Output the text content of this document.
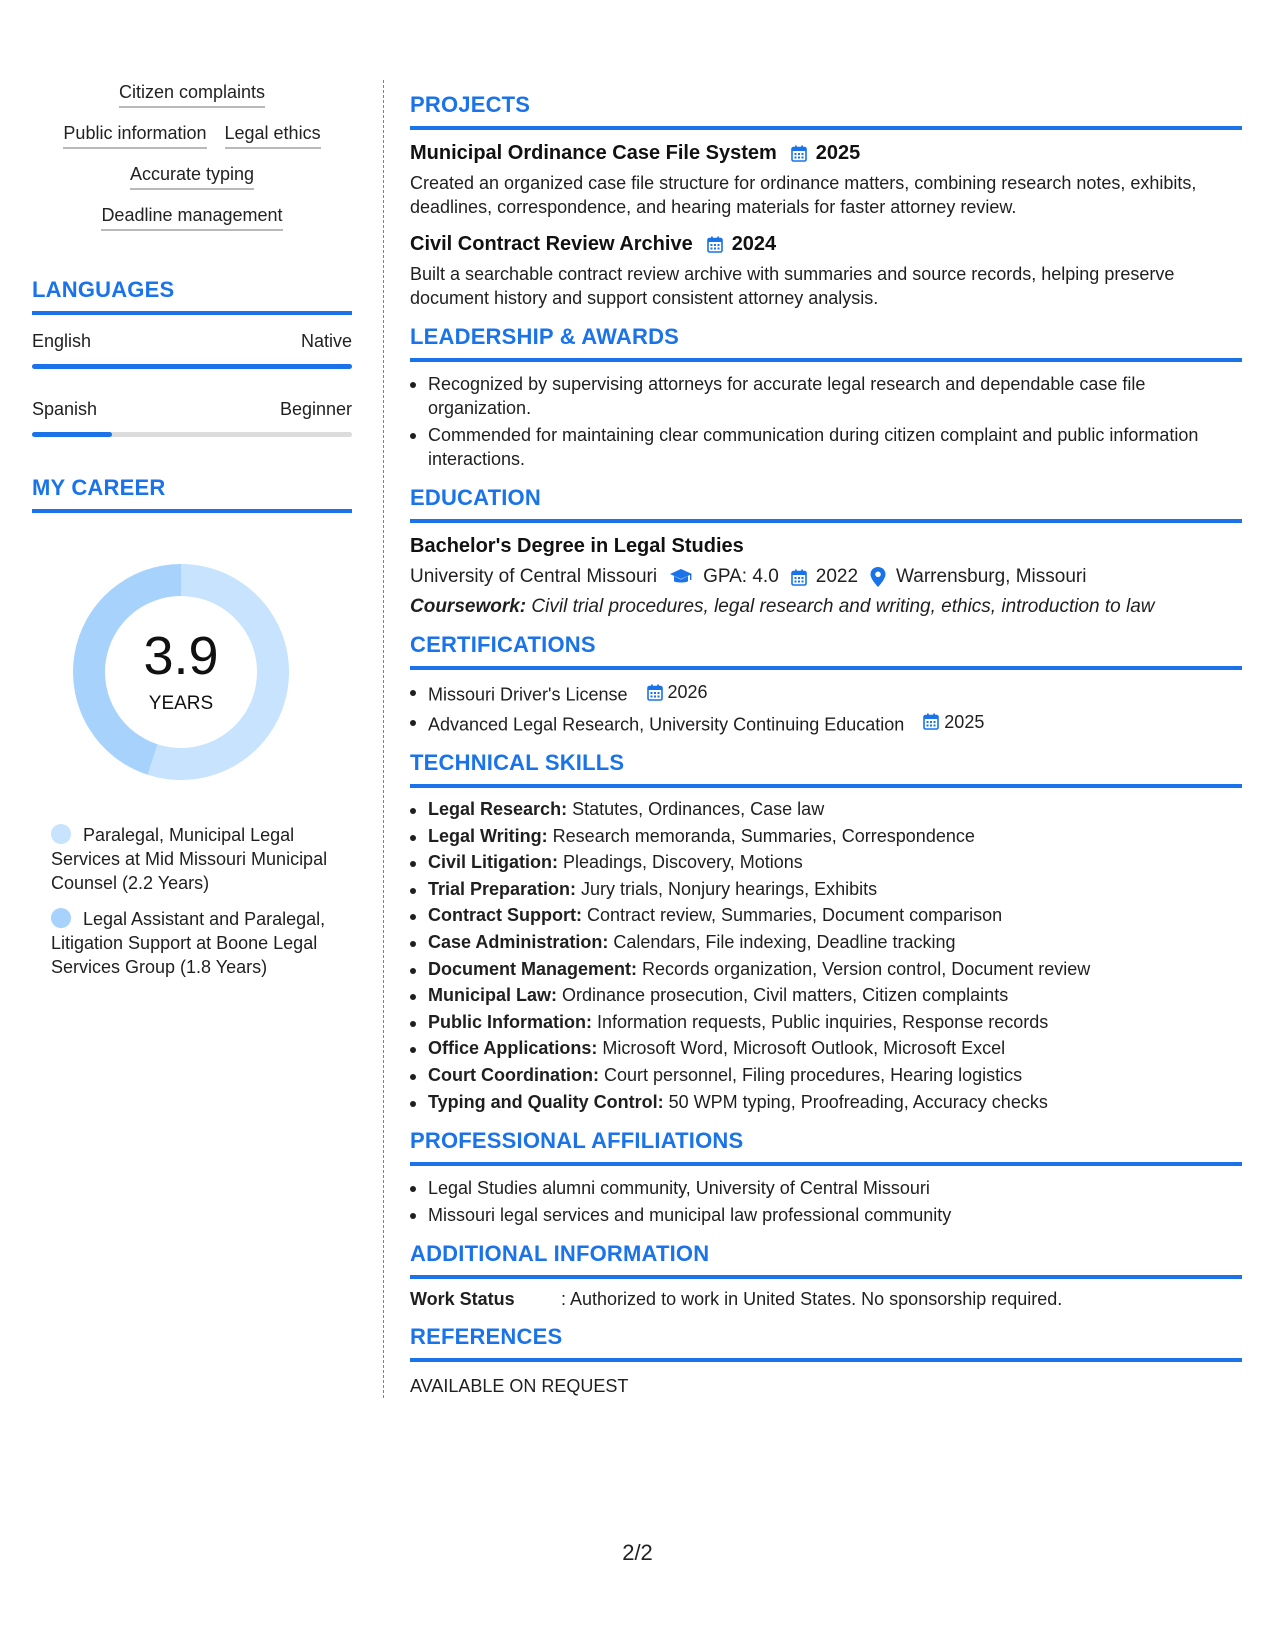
Citizen complaints
Public information Legal ethics
Accurate typing
Deadline management
LANGUAGES
English	Native
Spanish	Beginner
MY CAREER
3.9
YEARS
Paralegal, Municipal Legal Services at Mid Missouri Municipal Counsel (2.2 Years)
Legal Assistant and Paralegal, Litigation Support at Boone Legal Services Group (1.8 Years)
PROJECTS
Municipal Ordinance Case File System 2025
Created an organized case file structure for ordinance matters, combining research notes, exhibits, deadlines, correspondence, and hearing materials for faster attorney review.
Civil Contract Review Archive 2024
Built a searchable contract review archive with summaries and source records, helping preserve document history and support consistent attorney analysis.
LEADERSHIP & AWARDS
Recognized by supervising attorneys for accurate legal research and dependable case file organization.
Commended for maintaining clear communication during citizen complaint and public information interactions.
EDUCATION
Bachelor's Degree in Legal Studies
University of Central Missouri GPA: 4.0 2022 Warrensburg, Missouri
Coursework: Civil trial procedures, legal research and writing, ethics, introduction to law
CERTIFICATIONS
Missouri Driver's License 2026
Advanced Legal Research, University Continuing Education 2025
TECHNICAL SKILLS
Legal Research: Statutes, Ordinances, Case law
Legal Writing: Research memoranda, Summaries, Correspondence
Civil Litigation: Pleadings, Discovery, Motions
Trial Preparation: Jury trials, Nonjury hearings, Exhibits
Contract Support: Contract review, Summaries, Document comparison
Case Administration: Calendars, File indexing, Deadline tracking
Document Management: Records organization, Version control, Document review
Municipal Law: Ordinance prosecution, Civil matters, Citizen complaints
Public Information: Information requests, Public inquiries, Response records
Office Applications: Microsoft Word, Microsoft Outlook, Microsoft Excel
Court Coordination: Court personnel, Filing procedures, Hearing logistics
Typing and Quality Control: 50 WPM typing, Proofreading, Accuracy checks
PROFESSIONAL AFFILIATIONS
Legal Studies alumni community, University of Central Missouri
Missouri legal services and municipal law professional community
ADDITIONAL INFORMATION
Work Status	: Authorized to work in United States. No sponsorship required.
REFERENCES
AVAILABLE ON REQUEST
2/2
